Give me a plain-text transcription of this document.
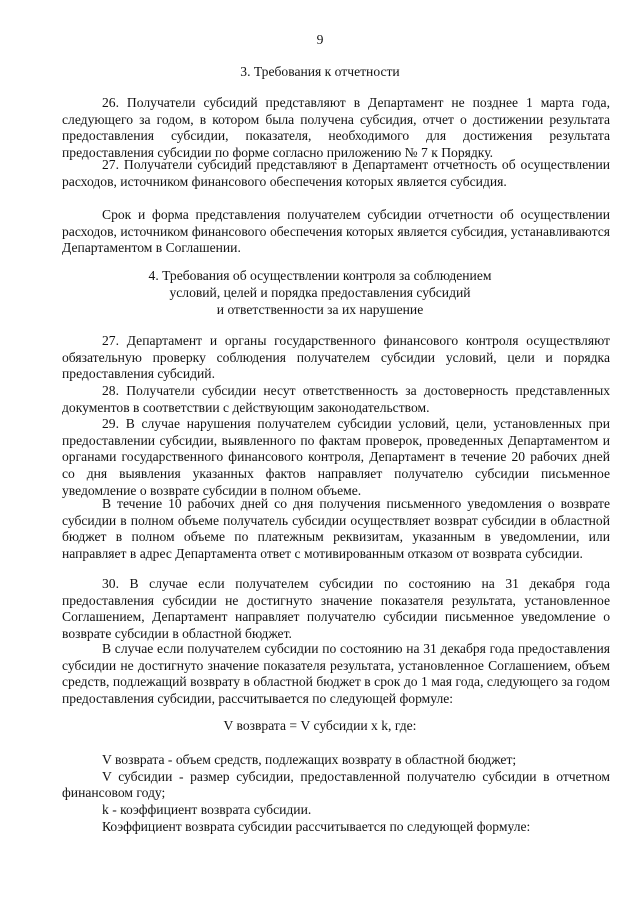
9
3. Требования к отчетности
26. Получатели субсидий представляют в Департамент не позднее 1 марта года, следующего за годом, в котором была получена субсидия, отчет о достижении результата предоставления субсидии, показателя, необходимого для достижения результата предоставления субсидии по форме согласно приложению № 7 к Порядку.
27. Получатели субсидий представляют в Департамент отчетность об осуществлении расходов, источником финансового обеспечения которых является субсидия.
Срок и форма представления получателем субсидии отчетности об осуществлении расходов, источником финансового обеспечения которых является субсидия, устанавливаются Департаментом в Соглашении.
4. Требования об осуществлении контроля за соблюдением
условий, целей и порядка предоставления субсидий
и ответственности за их нарушение
27. Департамент и органы государственного финансового контроля осуществляют обязательную проверку соблюдения получателем субсидии условий, цели и порядка предоставления субсидий.
28. Получатели субсидии несут ответственность за достоверность представленных документов в соответствии с действующим законодательством.
29. В случае нарушения получателем субсидии условий, цели, установленных при предоставлении субсидии, выявленного по фактам проверок, проведенных Департаментом и органами государственного финансового контроля, Департамент в течение 20 рабочих дней со дня выявления указанных фактов направляет получателю субсидии письменное уведомление о возврате субсидии в полном объеме.
В течение 10 рабочих дней со дня получения письменного уведомления о возврате субсидии в полном объеме получатель субсидии осуществляет возврат субсидии в областной бюджет в полном объеме по платежным реквизитам, указанным в уведомлении, или направляет в адрес Департамента ответ с мотивированным отказом от возврата субсидии.
30. В случае если получателем субсидии по состоянию на 31 декабря года предоставления субсидии не достигнуто значение показателя результата, установленное Соглашением, Департамент направляет получателю субсидии письменное уведомление о возврате субсидии в областной бюджет.
В случае если получателем субсидии по состоянию на 31 декабря года предоставления субсидии не достигнуто значение показателя результата, установленное Соглашением, объем средств, подлежащий возврату в областной бюджет в срок до 1 мая года, следующего за годом предоставления субсидии, рассчитывается по следующей формуле:
V возврата = V субсидии x k, где:
V возврата - объем средств, подлежащих возврату в областной бюджет;
V субсидии - размер субсидии, предоставленной получателю субсидии в отчетном финансовом году;
k - коэффициент возврата субсидии.
Коэффициент возврата субсидии рассчитывается по следующей формуле:
